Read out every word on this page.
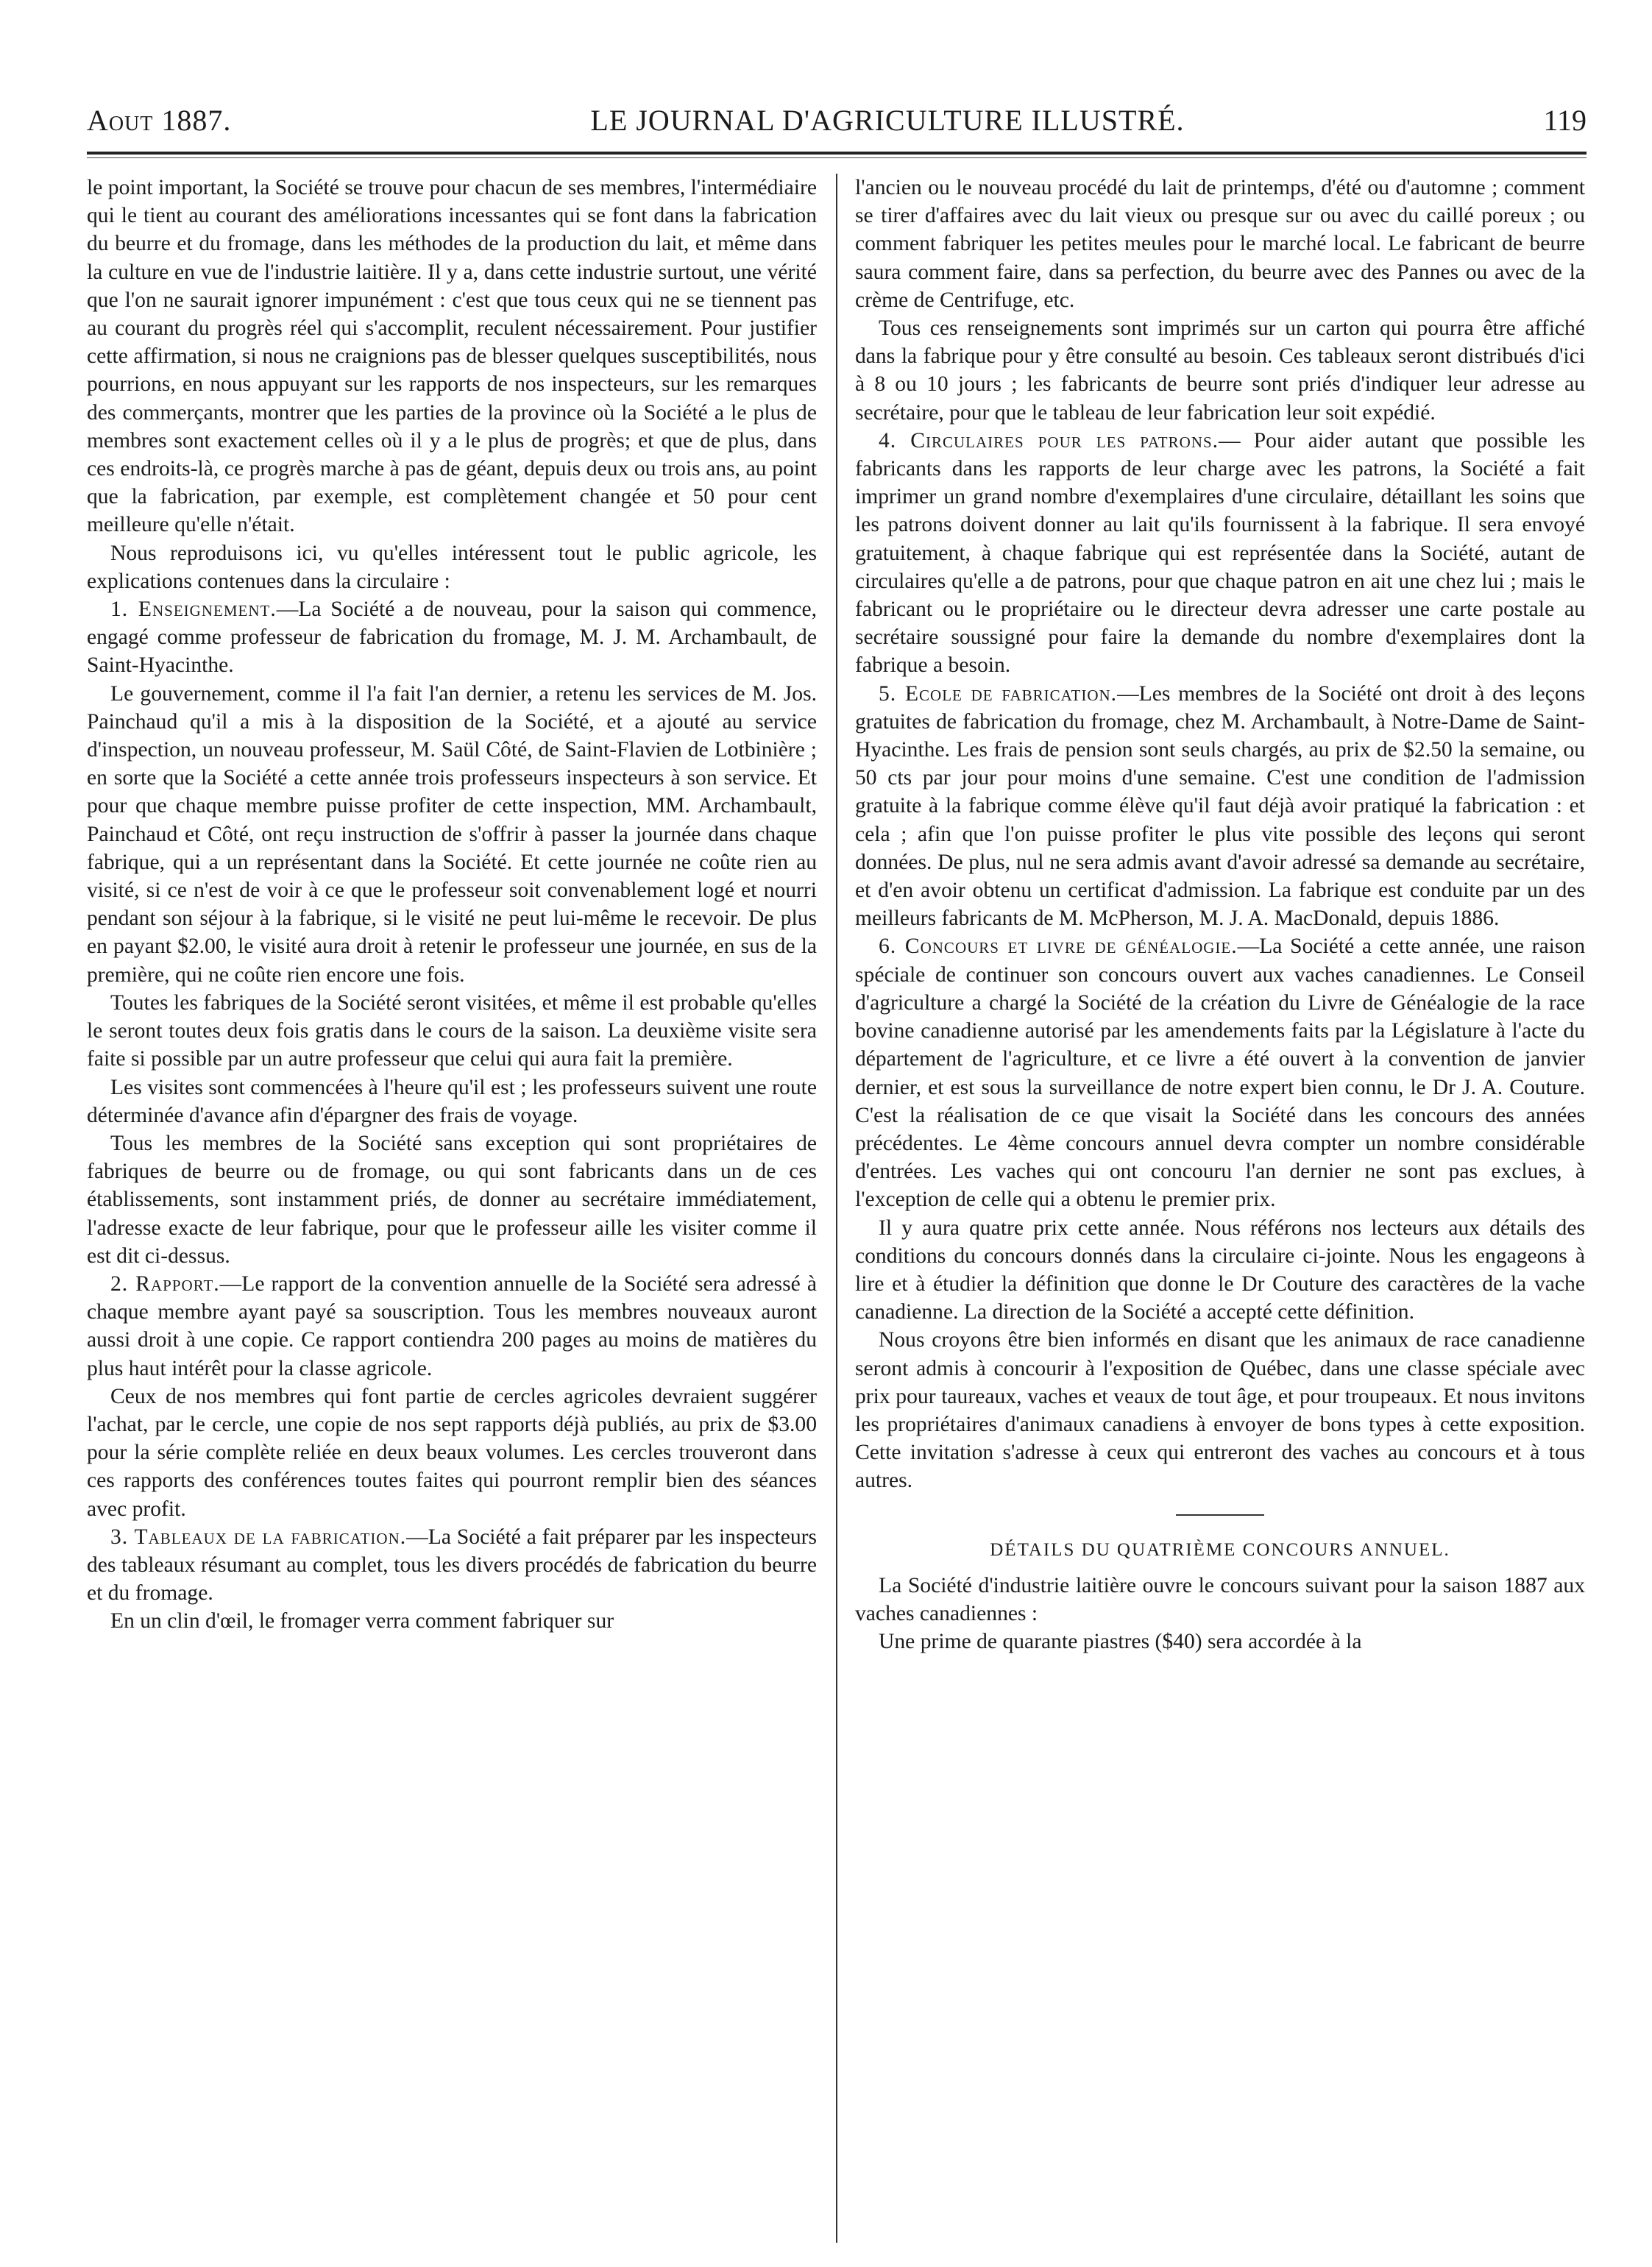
Aout 1887.	LE JOURNAL D'AGRICULTURE ILLUSTRÉ.	119

le point important, la Société se trouve pour chacun de ses membres, l'intermédiaire qui le tient au courant des améliorations incessantes qui se font dans la fabrication du beurre et du fromage, dans les méthodes de la production du lait, et même dans la culture en vue de l'industrie laitière. Il y a, dans cette industrie surtout, une vérité que l'on ne saurait ignorer impunément : c'est que tous ceux qui ne se tiennent pas au courant du progrès réel qui s'accomplit, reculent nécessairement. Pour justifier cette affirmation, si nous ne craignions pas de blesser quelques susceptibilités, nous pourrions, en nous appuyant sur les rapports de nos inspecteurs, sur les remarques des commerçants, montrer que les parties de la province où la Société a le plus de membres sont exactement celles où il y a le plus de progrès; et que de plus, dans ces endroits-là, ce progrès marche à pas de géant, depuis deux ou trois ans, au point que la fabrication, par exemple, est complètement changée et 50 pour cent meilleure qu'elle n'était.

Nous reproduisons ici, vu qu'elles intéressent tout le public agricole, les explications contenues dans la circulaire :

1. Enseignement.—La Société a de nouveau, pour la saison qui commence, engagé comme professeur de fabrication du fromage, M. J. M. Archambault, de Saint-Hyacinthe.

Le gouvernement, comme il l'a fait l'an dernier, a retenu les services de M. Jos. Painchaud qu'il a mis à la disposition de la Société, et a ajouté au service d'inspection, un nouveau professeur, M. Saül Côté, de Saint-Flavien de Lotbinière ; en sorte que la Société a cette année trois professeurs inspecteurs à son service. Et pour que chaque membre puisse profiter de cette inspection, MM. Archambault, Painchaud et Côté, ont reçu instruction de s'offrir à passer la journée dans chaque fabrique, qui a un représentant dans la Société. Et cette journée ne coûte rien au visité, si ce n'est de voir à ce que le professeur soit convenablement logé et nourri pendant son séjour à la fabrique, si le visité ne peut lui-même le recevoir. De plus en payant $2.00, le visité aura droit à retenir le professeur une journée, en sus de la première, qui ne coûte rien encore une fois.

Toutes les fabriques de la Société seront visitées, et même il est probable qu'elles le seront toutes deux fois gratis dans le cours de la saison. La deuxième visite sera faite si possible par un autre professeur que celui qui aura fait la première.

Les visites sont commencées à l'heure qu'il est ; les professeurs suivent une route déterminée d'avance afin d'épargner des frais de voyage.

Tous les membres de la Société sans exception qui sont propriétaires de fabriques de beurre ou de fromage, ou qui sont fabricants dans un de ces établissements, sont instamment priés, de donner au secrétaire immédiatement, l'adresse exacte de leur fabrique, pour que le professeur aille les visiter comme il est dit ci-dessus.

2. Rapport.—Le rapport de la convention annuelle de la Société sera adressé à chaque membre ayant payé sa souscription. Tous les membres nouveaux auront aussi droit à une copie. Ce rapport contiendra 200 pages au moins de matières du plus haut intérêt pour la classe agricole.

Ceux de nos membres qui font partie de cercles agricoles devraient suggérer l'achat, par le cercle, une copie de nos sept rapports déjà publiés, au prix de $3.00 pour la série complète reliée en deux beaux volumes. Les cercles trouveront dans ces rapports des conférences toutes faites qui pourront remplir bien des séances avec profit.

3. Tableaux de la fabrication.—La Société a fait préparer par les inspecteurs des tableaux résumant au complet, tous les divers procédés de fabrication du beurre et du fromage.

En un clin d'œil, le fromager verra comment fabriquer sur

l'ancien ou le nouveau procédé du lait de printemps, d'été ou d'automne ; comment se tirer d'affaires avec du lait vieux ou presque sur ou avec du caillé poreux ; ou comment fabriquer les petites meules pour le marché local. Le fabricant de beurre saura comment faire, dans sa perfection, du beurre avec des Pannes ou avec de la crème de Centrifuge, etc.

Tous ces renseignements sont imprimés sur un carton qui pourra être affiché dans la fabrique pour y être consulté au besoin. Ces tableaux seront distribués d'ici à 8 ou 10 jours ; les fabricants de beurre sont priés d'indiquer leur adresse au secrétaire, pour que le tableau de leur fabrication leur soit expédié.

4. Circulaires pour les patrons.— Pour aider autant que possible les fabricants dans les rapports de leur charge avec les patrons, la Société a fait imprimer un grand nombre d'exemplaires d'une circulaire, détaillant les soins que les patrons doivent donner au lait qu'ils fournissent à la fabrique. Il sera envoyé gratuitement, à chaque fabrique qui est représentée dans la Société, autant de circulaires qu'elle a de patrons, pour que chaque patron en ait une chez lui ; mais le fabricant ou le propriétaire ou le directeur devra adresser une carte postale au secrétaire soussigné pour faire la demande du nombre d'exemplaires dont la fabrique a besoin.

5. Ecole de fabrication.—Les membres de la Société ont droit à des leçons gratuites de fabrication du fromage, chez M. Archambault, à Notre-Dame de Saint-Hyacinthe. Les frais de pension sont seuls chargés, au prix de $2.50 la semaine, ou 50 cts par jour pour moins d'une semaine. C'est une condition de l'admission gratuite à la fabrique comme élève qu'il faut déjà avoir pratiqué la fabrication : et cela ; afin que l'on puisse profiter le plus vite possible des leçons qui seront données. De plus, nul ne sera admis avant d'avoir adressé sa demande au secrétaire, et d'en avoir obtenu un certificat d'admission. La fabrique est conduite par un des meilleurs fabricants de M. McPherson, M. J. A. MacDonald, depuis 1886.

6. Concours et livre de généalogie.—La Société a cette année, une raison spéciale de continuer son concours ouvert aux vaches canadiennes. Le Conseil d'agriculture a chargé la Société de la création du Livre de Généalogie de la race bovine canadienne autorisé par les amendements faits par la Législature à l'acte du département de l'agriculture, et ce livre a été ouvert à la convention de janvier dernier, et est sous la surveillance de notre expert bien connu, le Dr J. A. Couture. C'est la réalisation de ce que visait la Société dans les concours des années précédentes. Le 4ème concours annuel devra compter un nombre considérable d'entrées. Les vaches qui ont concouru l'an dernier ne sont pas exclues, à l'exception de celle qui a obtenu le premier prix.

Il y aura quatre prix cette année. Nous référons nos lecteurs aux détails des conditions du concours donnés dans la circulaire ci-jointe. Nous les engageons à lire et à étudier la définition que donne le Dr Couture des caractères de la vache canadienne. La direction de la Société a accepté cette définition.

Nous croyons être bien informés en disant que les animaux de race canadienne seront admis à concourir à l'exposition de Québec, dans une classe spéciale avec prix pour taureaux, vaches et veaux de tout âge, et pour troupeaux. Et nous invitons les propriétaires d'animaux canadiens à envoyer de bons types à cette exposition. Cette invitation s'adresse à ceux qui entreront des vaches au concours et à tous autres.

DÉTAILS DU QUATRIÈME CONCOURS ANNUEL.

La Société d'industrie laitière ouvre le concours suivant pour la saison 1887 aux vaches canadiennes :

Une prime de quarante piastres ($40) sera accordée à la
